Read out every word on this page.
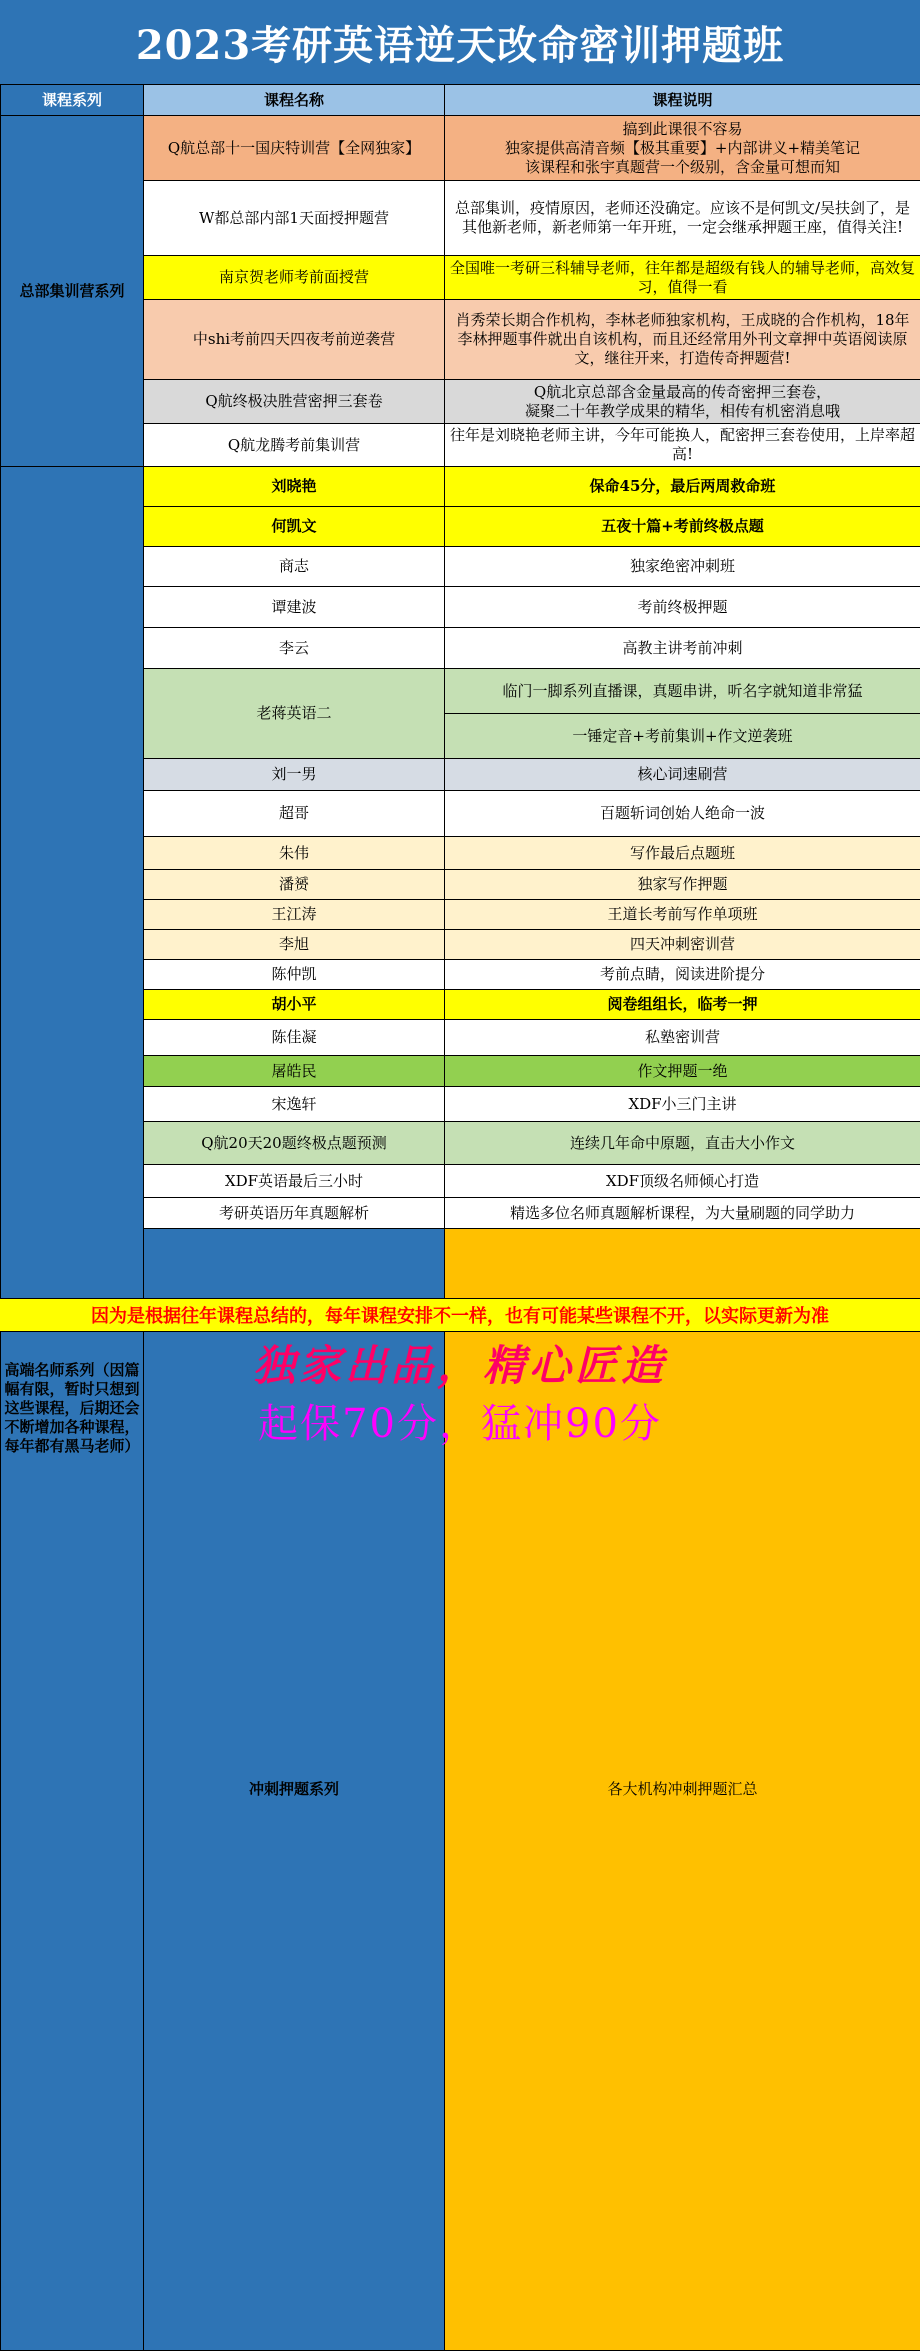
2023考研英语逆天改命密训押题班
课程系列	课程名称	课程说明	
总部集训营系列	Q航总部十一国庆特训营【全网独家】	搞到此课很不容易
独家提供高清音频【极其重要】+内部讲义+精美笔记
该课程和张宇真题营一个级别，含金量可想而知	
	W都总部内部1天面授押题营	总部集训，疫情原因，老师还没确定。应该不是何凯文/吴扶剑了，是其他新老师，新老师第一年开班，一定会继承押题王座，值得关注!	
	南京贺老师考前面授营	全国唯一考研三科辅导老师，往年都是超级有钱人的辅导老师，高效复习，值得一看	
	中shi考前四天四夜考前逆袭营	肖秀荣长期合作机构，李林老师独家机构，王成晓的合作机构，18年李林押题事件就出自该机构，而且还经常用外刊文章押中英语阅读原文，继往开来，打造传奇押题营!	
	Q航终极决胜营密押三套卷	Q航北京总部含金量最高的传奇密押三套卷，
凝聚二十年教学成果的精华，相传有机密消息哦	
	Q航龙腾考前集训营	往年是刘晓艳老师主讲，今年可能换人，配密押三套卷使用，上岸率超高!	
高端名师系列（因篇幅有限，暂时只想到这些课程，后期还会不断增加各种课程，每年都有黑马老师）	刘晓艳	保命45分，最后两周救命班	
	何凯文	五夜十篇+考前终极点题	
	商志	独家绝密冲刺班	
	谭建波	考前终极押题	
	李云	高教主讲考前冲刺	
	老蒋英语二	临门一脚系列直播课，真题串讲，听名字就知道非常猛	
		一锤定音+考前集训+作文逆袭班	
	刘一男	核心词速刷营	
	超哥	百题斩词创始人绝命一波	
	朱伟	写作最后点题班	
	潘赟	独家写作押题	
	王江涛	王道长考前写作单项班	
	李旭	四天冲刺密训营	
	陈仲凯	考前点睛，阅读进阶提分	
	胡小平	阅卷组组长，临考一押	
	陈佳凝	私塾密训营	
	屠皓民	作文押题一绝	
	宋逸轩	XDF小三门主讲	
	Q航20天20题终极点题预测	连续几年命中原题，直击大小作文	
	XDF英语最后三小时	XDF顶级名师倾心打造	
	考研英语历年真题解析	精选多位名师真题解析课程，为大量刷题的同学助力	
	冲刺押题系列	各大机构冲刺押题汇总	
因为是根据往年课程总结的，每年课程安排不一样，也有可能某些课程不开，以实际更新为准
独家出品，精心匠造
起保70分，猛冲90分
